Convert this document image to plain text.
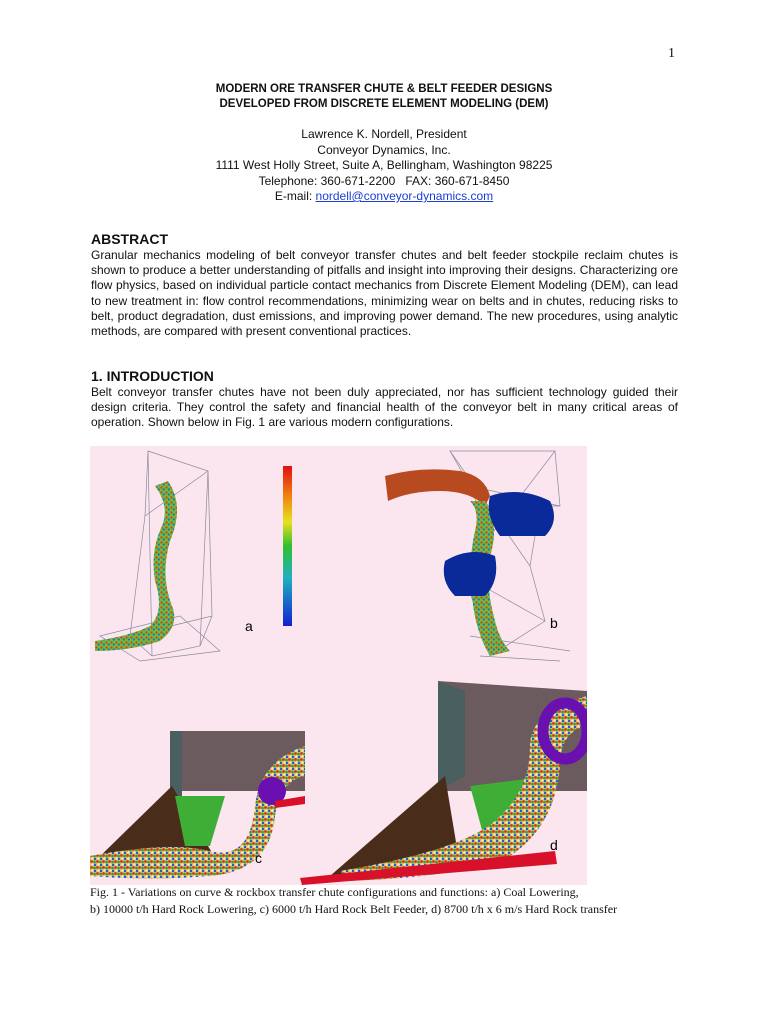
1
MODERN ORE TRANSFER CHUTE & BELT FEEDER DESIGNS
DEVELOPED FROM DISCRETE ELEMENT MODELING (DEM)
Lawrence K. Nordell, President
Conveyor Dynamics, Inc.
1111 West Holly Street, Suite A, Bellingham, Washington 98225
Telephone: 360-671-2200   FAX: 360-671-8450
E-mail: nordell@conveyor-dynamics.com
ABSTRACT
Granular mechanics modeling of belt conveyor transfer chutes and belt feeder stockpile reclaim chutes is shown to produce a better understanding of pitfalls and insight into improving their designs. Characterizing ore flow physics, based on individual particle contact mechanics from Discrete Element Modeling (DEM), can lead to new treatment in: flow control recommendations, minimizing wear on belts and in chutes, reducing risks to belt, product degradation, dust emissions, and improving power demand. The new procedures, using analytic methods, are compared with present conventional practices.
1. INTRODUCTION
Belt conveyor transfer chutes have not been duly appreciated, nor has sufficient technology guided their design criteria. They control the safety and financial health of the conveyor belt in many critical areas of operation. Shown below in Fig. 1 are various modern configurations.
a	b
c
d
Fig. 1 - Variations on curve & rockbox transfer chute configurations and functions: a) Coal Lowering,
b) 10000 t/h Hard Rock Lowering, c) 6000 t/h Hard Rock Belt Feeder, d) 8700 t/h x 6 m/s Hard Rock transfer
